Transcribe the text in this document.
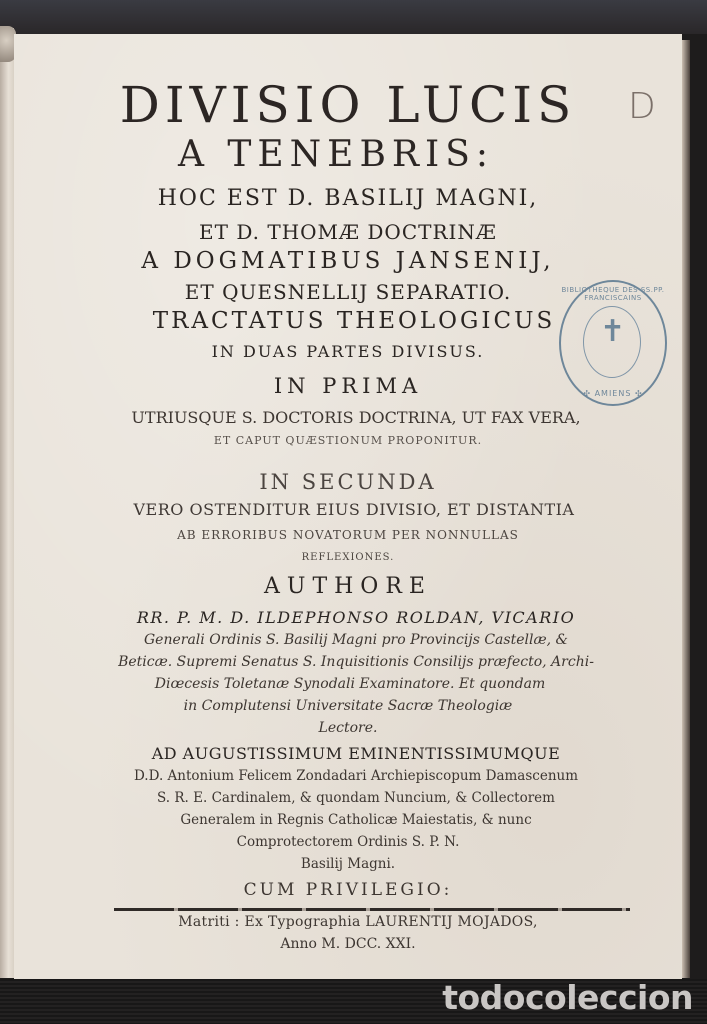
D
DIVISIO LUCIS
A TENEBRIS:
HOC EST D. BASILIJ MAGNI,
ET D. THOMÆ DOCTRINÆ
A DOGMATIBUS JANSENIJ,
ET QUESNELLIJ SEPARATIO.
TRACTATUS THEOLOGICUS
IN DUAS PARTES DIVISUS.
IN PRIMA
UTRIUSQUE S. DOCTORIS DOCTRINA, UT FAX VERA,
ET CAPUT QUÆSTIONUM PROPONITUR.
IN SECUNDA
VERO OSTENDITUR EIUS DIVISIO, ET DISTANTIA
AB ERRORIBUS NOVATORUM PER NONNULLAS
REFLEXIONES.
AUTHORE
RR. P. M. D. ILDEPHONSO ROLDAN, VICARIO
Generali Ordinis S. Basilij Magni pro Provincijs Castellæ, &
Beticæ. Supremi Senatus S. Inquisitionis Consilijs præfecto, Archi-
Diœcesis Toletanæ Synodali Examinatore. Et quondam
in Complutensi Universitate Sacræ Theologiæ
Lectore.
AD AUGUSTISSIMUM EMINENTISSIMUMQUE
D.D. Antonium Felicem Zondadari Archiepiscopum Damascenum
S. R. E. Cardinalem, & quondam Nuncium, & Collectorem
Generalem in Regnis Catholicæ Maiestatis, & nunc
Comprotectorem Ordinis S. P. N.
Basilij Magni.
CUM PRIVILEGIO:
Matriti : Ex Typographia LAURENTIJ MOJADOS,
Anno M. DCC. XXI.
BIBLIOTHEQUE DES SS.PP. FRANCISCAINS
✝
✣ AMIENS ✣
todocoleccion
